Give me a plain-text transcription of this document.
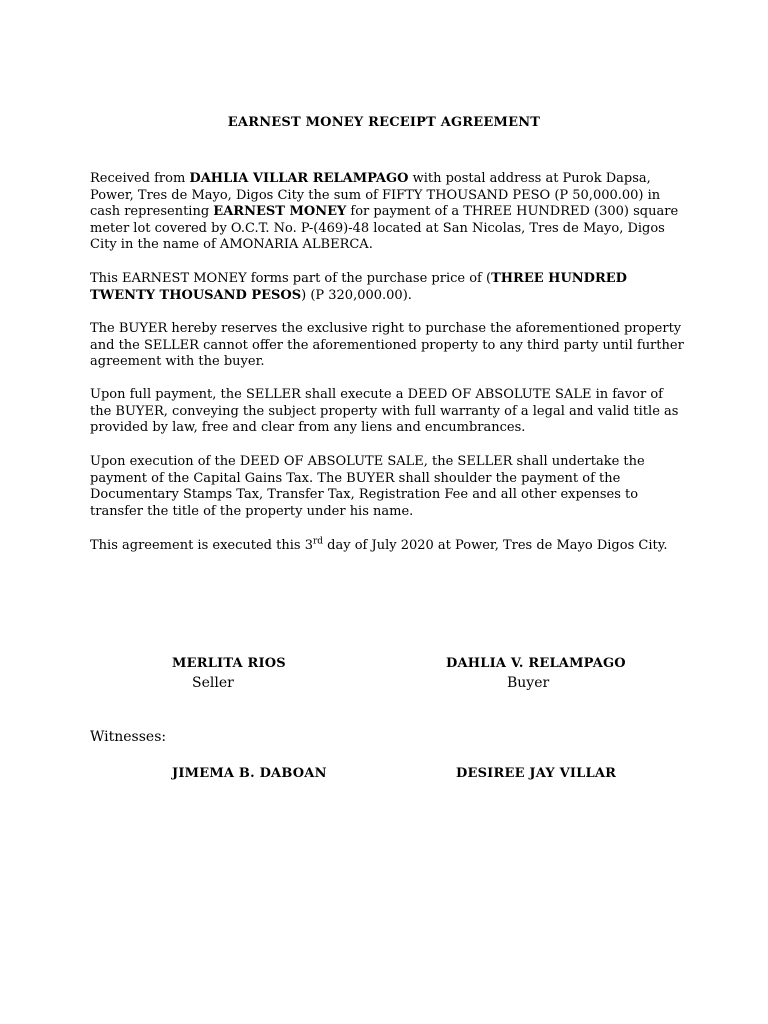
EARNEST MONEY RECEIPT AGREEMENT

Received from DAHLIA VILLAR RELAMPAGO with postal address at Purok Dapsa, Power, Tres de Mayo, Digos City the sum of FIFTY THOUSAND PESO (P 50,000.00) in cash representing EARNEST MONEY for payment of a THREE HUNDRED (300) square meter lot covered by O.C.T. No. P-(469)-48 located at San Nicolas, Tres de Mayo, Digos City in the name of AMONARIA ALBERCA.

This EARNEST MONEY forms part of the purchase price of (THREE HUNDRED TWENTY THOUSAND PESOS) (P 320,000.00).

The BUYER hereby reserves the exclusive right to purchase the aforementioned property and the SELLER cannot offer the aforementioned property to any third party until further agreement with the buyer.

Upon full payment, the SELLER shall execute a DEED OF ABSOLUTE SALE in favor of the BUYER, conveying the subject property with full warranty of a legal and valid title as provided by law, free and clear from any liens and encumbrances.

Upon execution of the DEED OF ABSOLUTE SALE, the SELLER shall undertake the payment of the Capital Gains Tax. The BUYER shall shoulder the payment of the Documentary Stamps Tax, Transfer Tax, Registration Fee and all other expenses to transfer the title of the property under his name.

This agreement is executed this 3rd day of July 2020 at Power, Tres de Mayo Digos City.

MERLITA RIOS
Seller
DAHLIA V. RELAMPAGO
Buyer
Witnesses:
JIMEMA B. DABOAN	DESIREE JAY VILLAR
